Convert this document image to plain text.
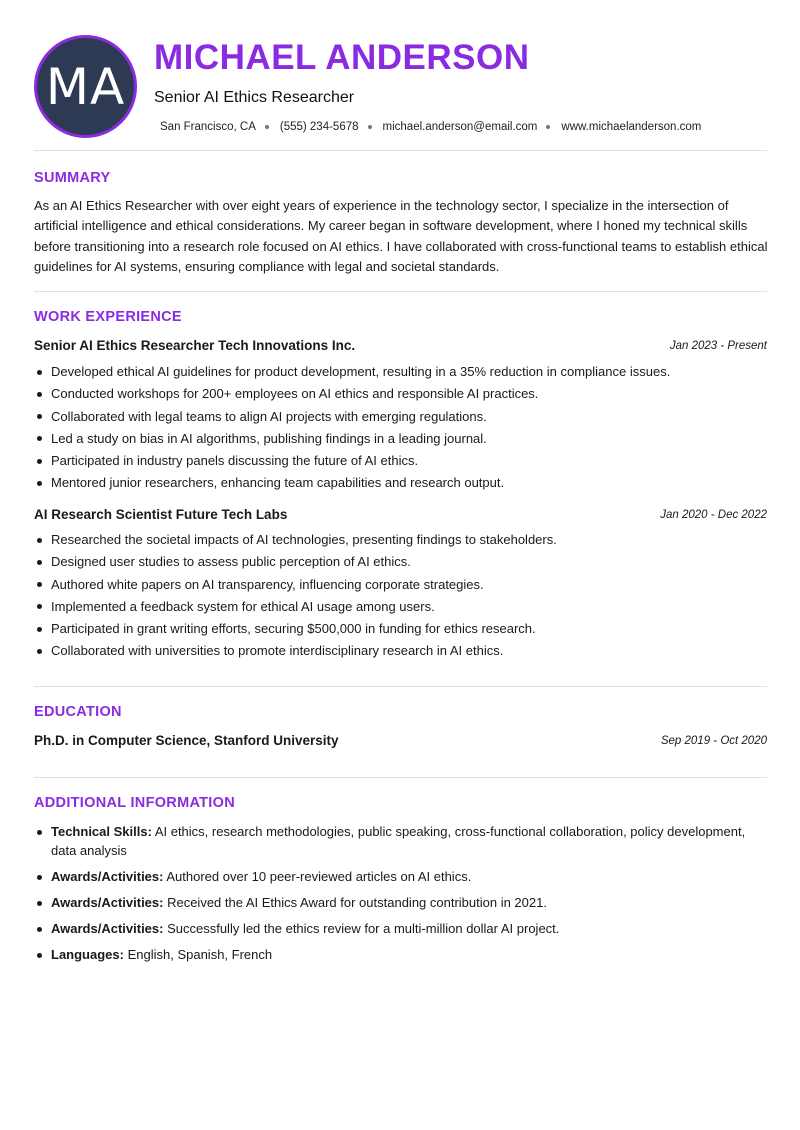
MA MICHAEL ANDERSON
Senior AI Ethics Researcher
San Francisco, CA (555) 234-5678 michael.anderson@email.com www.michaelanderson.com
SUMMARY
As an AI Ethics Researcher with over eight years of experience in the technology sector, I specialize in the intersection of artificial intelligence and ethical considerations. My career began in software development, where I honed my technical skills before transitioning into a research role focused on AI ethics. I have collaborated with cross-functional teams to establish ethical guidelines for AI systems, ensuring compliance with legal and societal standards.
WORK EXPERIENCE
Senior AI Ethics Researcher Tech Innovations Inc.	Jan 2023 - Present
Developed ethical AI guidelines for product development, resulting in a 35% reduction in compliance issues.
Conducted workshops for 200+ employees on AI ethics and responsible AI practices.
Collaborated with legal teams to align AI projects with emerging regulations.
Led a study on bias in AI algorithms, publishing findings in a leading journal.
Participated in industry panels discussing the future of AI ethics.
Mentored junior researchers, enhancing team capabilities and research output.
AI Research Scientist Future Tech Labs	Jan 2020 - Dec 2022
Researched the societal impacts of AI technologies, presenting findings to stakeholders.
Designed user studies to assess public perception of AI ethics.
Authored white papers on AI transparency, influencing corporate strategies.
Implemented a feedback system for ethical AI usage among users.
Participated in grant writing efforts, securing $500,000 in funding for ethics research.
Collaborated with universities to promote interdisciplinary research in AI ethics.
EDUCATION
Ph.D. in Computer Science, Stanford University	Sep 2019 - Oct 2020
ADDITIONAL INFORMATION
Technical Skills: AI ethics, research methodologies, public speaking, cross-functional collaboration, policy development, data analysis
Awards/Activities: Authored over 10 peer-reviewed articles on AI ethics.
Awards/Activities: Received the AI Ethics Award for outstanding contribution in 2021.
Awards/Activities: Successfully led the ethics review for a multi-million dollar AI project.
Languages: English, Spanish, French
